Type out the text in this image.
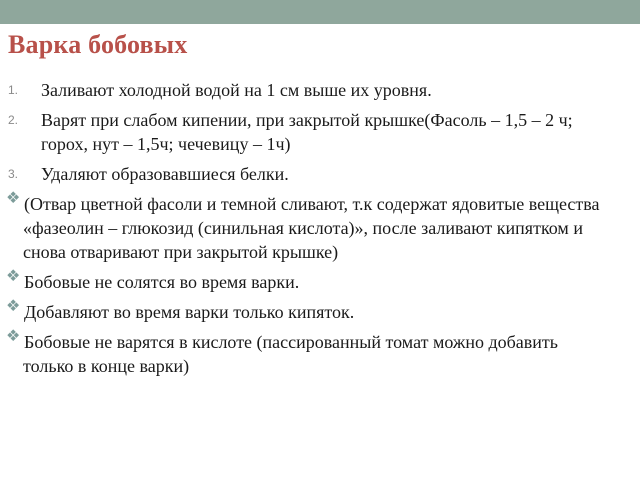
Варка бобовых
1. Заливают холодной водой на 1 см выше их уровня.
2. Варят при слабом кипении, при закрытой крышке(Фасоль – 1,5 – 2 ч; горох, нут – 1,5ч; чечевицу – 1ч)
3. Удаляют образовавшиеся белки.
❖ (Отвар цветной фасоли и темной сливают, т.к содержат ядовитые вещества «фазеолин – глюкозид (синильная кислота)», после заливают кипятком и снова отваривают при закрытой крышке)
❖ Бобовые не солятся во время варки.
❖ Добавляют во время варки только кипяток.
❖ Бобовые не варятся в кислоте (пассированный томат можно добавить только в конце варки)
